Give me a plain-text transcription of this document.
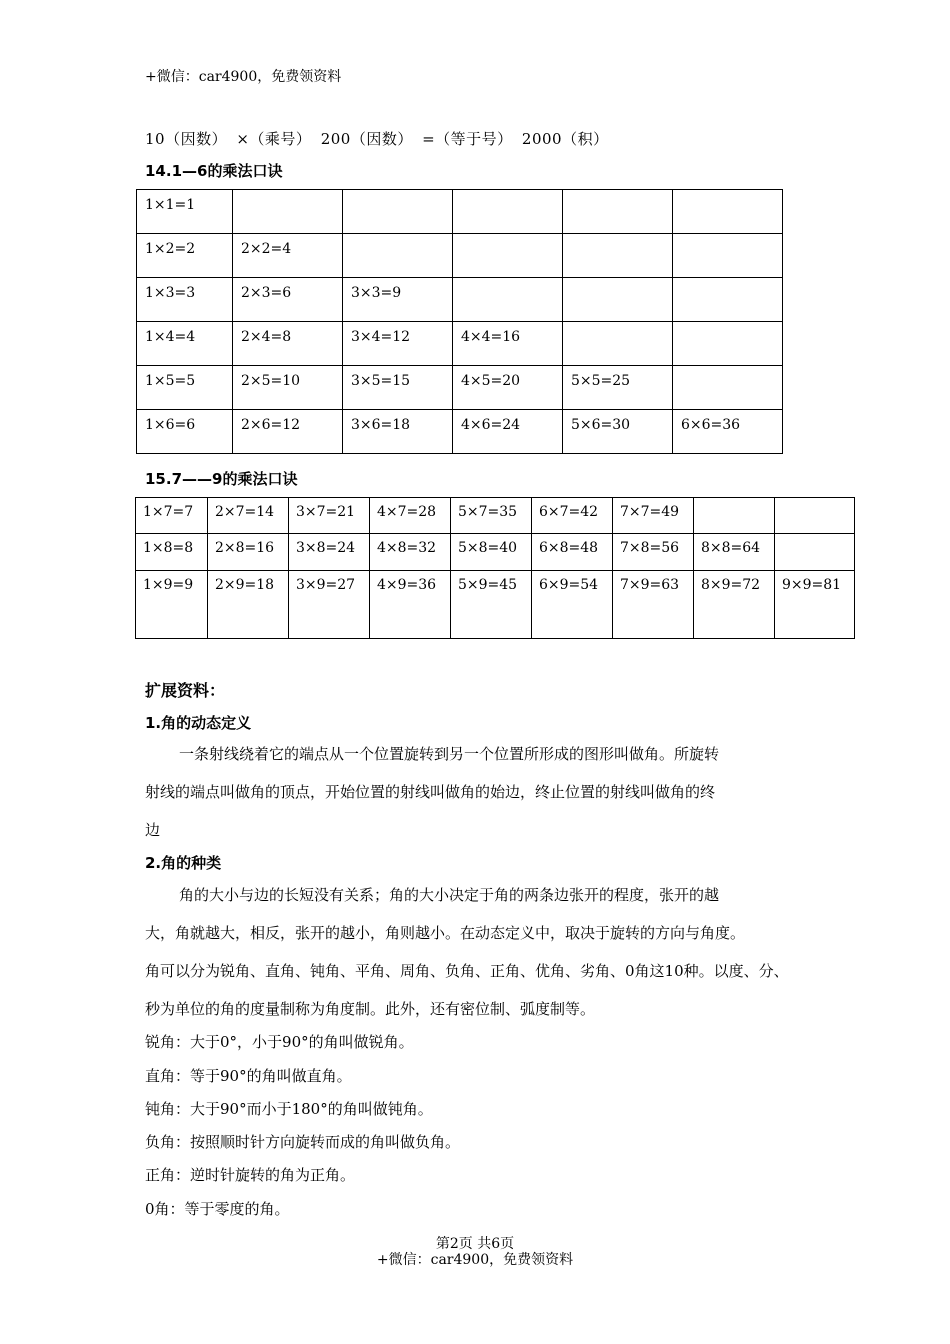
+微信：car4900，免费领资料
10（因数） ×（乘号） 200（因数） =（等于号） 2000（积）
14.1—6的乘法口诀
1×1=1					
1×2=2	2×2=4				
1×3=3	2×3=6	3×3=9			
1×4=4	2×4=8	3×4=12	4×4=16		
1×5=5	2×5=10	3×5=15	4×5=20	5×5=25	
1×6=6	2×6=12	3×6=18	4×6=24	5×6=30	6×6=36
15.7——9的乘法口诀
1×7=7	2×7=14	3×7=21	4×7=28	5×7=35	6×7=42	7×7=49		
1×8=8	2×8=16	3×8=24	4×8=32	5×8=40	6×8=48	7×8=56	8×8=64	
1×9=9	2×9=18	3×9=27	4×9=36	5×9=45	6×9=54	7×9=63	8×9=72	9×9=81
扩展资料：
1.角的动态定义
一条射线绕着它的端点从一个位置旋转到另一个位置所形成的图形叫做角。所旋转
射线的端点叫做角的顶点，开始位置的射线叫做角的始边，终止位置的射线叫做角的终
边
2.角的种类
角的大小与边的长短没有关系；角的大小决定于角的两条边张开的程度，张开的越
大，角就越大，相反，张开的越小，角则越小。在动态定义中，取决于旋转的方向与角度。
角可以分为锐角、直角、钝角、平角、周角、负角、正角、优角、劣角、0角这10种。以度、分、
秒为单位的角的度量制称为角度制。此外，还有密位制、弧度制等。
锐角：大于0°，小于90°的角叫做锐角。
直角：等于90°的角叫做直角。
钝角：大于90°而小于180°的角叫做钝角。
负角：按照顺时针方向旋转而成的角叫做负角。
正角：逆时针旋转的角为正角。
0角：等于零度的角。
第2页 共6页
+微信：car4900，免费领资料
